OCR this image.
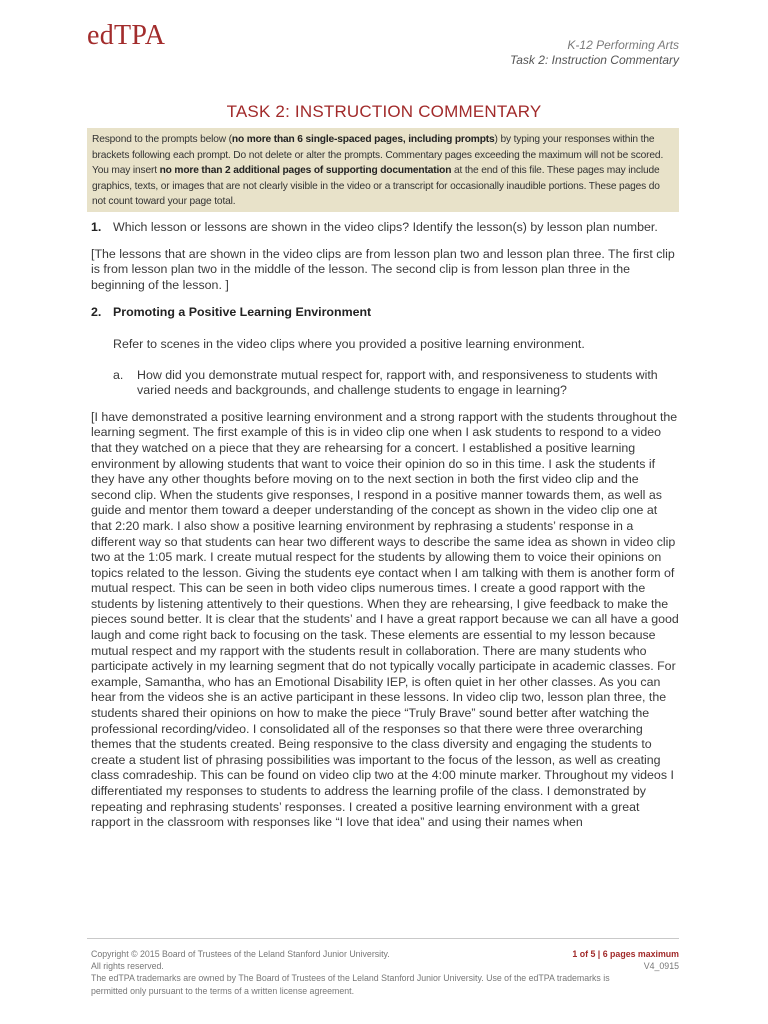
edTPA	K-12 Performing Arts
Task 2: Instruction Commentary
TASK 2: INSTRUCTION COMMENTARY
Respond to the prompts below (no more than 6 single-spaced pages, including prompts) by typing your responses within the brackets following each prompt. Do not delete or alter the prompts. Commentary pages exceeding the maximum will not be scored. You may insert no more than 2 additional pages of supporting documentation at the end of this file. These pages may include graphics, texts, or images that are not clearly visible in the video or a transcript for occasionally inaudible portions. These pages do not count toward your page total.
1. Which lesson or lessons are shown in the video clips? Identify the lesson(s) by lesson plan number.
[The lessons that are shown in the video clips are from lesson plan two and lesson plan three. The first clip is from lesson plan two in the middle of the lesson. The second clip is from lesson plan three in the beginning of the lesson. ]
2. Promoting a Positive Learning Environment
Refer to scenes in the video clips where you provided a positive learning environment.
a.	How did you demonstrate mutual respect for, rapport with, and responsiveness to students with varied needs and backgrounds, and challenge students to engage in learning?
[I have demonstrated a positive learning environment and a strong rapport with the students throughout the learning segment. The first example of this is in video clip one when I ask students to respond to a video that they watched on a piece that they are rehearsing for a concert. I established a positive learning environment by allowing students that want to voice their opinion do so in this time. I ask the students if they have any other thoughts before moving on to the next section in both the first video clip and the second clip. When the students give responses, I respond in a positive manner towards them, as well as guide and mentor them toward a deeper understanding of the concept as shown in the video clip one at that 2:20 mark. I also show a positive learning environment by rephrasing a students’ response in a different way so that students can hear two different ways to describe the same idea as shown in video clip two at the 1:05 mark. I create mutual respect for the students by allowing them to voice their opinions on topics related to the lesson. Giving the students eye contact when I am talking with them is another form of mutual respect. This can be seen in both video clips numerous times. I create a good rapport with the students by listening attentively to their questions. When they are rehearsing, I give feedback to make the pieces sound better. It is clear that the students’ and I have a great rapport because we can all have a good laugh and come right back to focusing on the task. These elements are essential to my lesson because mutual respect and my rapport with the students result in collaboration. There are many students who participate actively in my learning segment that do not typically vocally participate in academic classes. For example, Samantha, who has an Emotional Disability IEP, is often quiet in her other classes. As you can hear from the videos she is an active participant in these lessons. In video clip two, lesson plan three, the students shared their opinions on how to make the piece “Truly Brave” sound better after watching the professional recording/video. I consolidated all of the responses so that there were three overarching themes that the students created. Being responsive to the class diversity and engaging the students to create a student list of phrasing possibilities was important to the focus of the lesson, as well as creating class comradeship. This can be found on video clip two at the 4:00 minute marker. Throughout my videos I differentiated my responses to students to address the learning profile of the class. I demonstrated by repeating and rephrasing students’ responses. I created a positive learning environment with a great rapport in the classroom with responses like “I love that idea” and using their names when
Copyright © 2015 Board of Trustees of the Leland Stanford Junior University.
All rights reserved.
The edTPA trademarks are owned by The Board of Trustees of the Leland Stanford Junior University. Use of the edTPA trademarks is
permitted only pursuant to the terms of a written license agreement.
1 of 5 | 6 pages maximum
V4_0915
